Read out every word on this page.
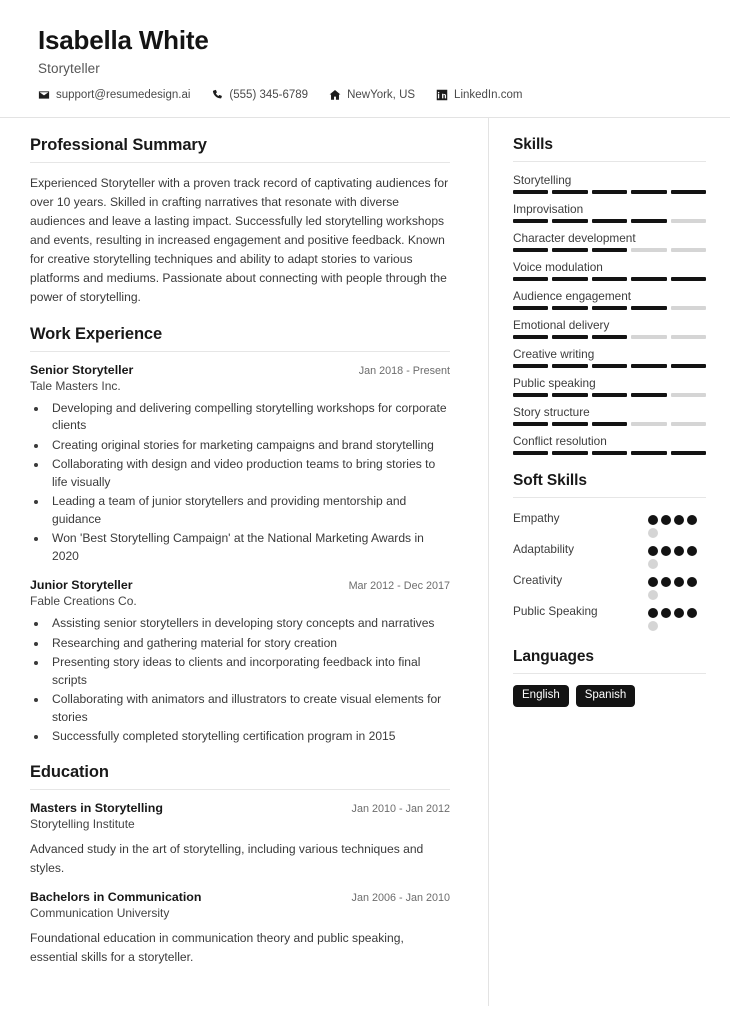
Isabella White
Storyteller
support@resumedesign.ai	(555) 345-6789	NewYork, US	LinkedIn.com
Professional Summary
Experienced Storyteller with a proven track record of captivating audiences for over 10 years. Skilled in crafting narratives that resonate with diverse audiences and leave a lasting impact. Successfully led storytelling workshops and events, resulting in increased engagement and positive feedback. Known for creative storytelling techniques and ability to adapt stories to various platforms and mediums. Passionate about connecting with people through the power of storytelling.
Work Experience
Senior Storyteller	Jan 2018 - Present
Tale Masters Inc.
• Developing and delivering compelling storytelling workshops for corporate clients
• Creating original stories for marketing campaigns and brand storytelling
• Collaborating with design and video production teams to bring stories to life visually
• Leading a team of junior storytellers and providing mentorship and guidance
• Won 'Best Storytelling Campaign' at the National Marketing Awards in 2020
Junior Storyteller	Mar 2012 - Dec 2017
Fable Creations Co.
• Assisting senior storytellers in developing story concepts and narratives
• Researching and gathering material for story creation
• Presenting story ideas to clients and incorporating feedback into final scripts
• Collaborating with animators and illustrators to create visual elements for stories
• Successfully completed storytelling certification program in 2015
Education
Masters in Storytelling	Jan 2010 - Jan 2012
Storytelling Institute
Advanced study in the art of storytelling, including various techniques and styles.
Bachelors in Communication	Jan 2006 - Jan 2010
Communication University
Foundational education in communication theory and public speaking, essential skills for a storyteller.
Skills
Storytelling
Improvisation
Character development
Voice modulation
Audience engagement
Emotional delivery
Creative writing
Public speaking
Story structure
Conflict resolution
Soft Skills
Empathy
Adaptability
Creativity
Public Speaking
Languages
English	Spanish
